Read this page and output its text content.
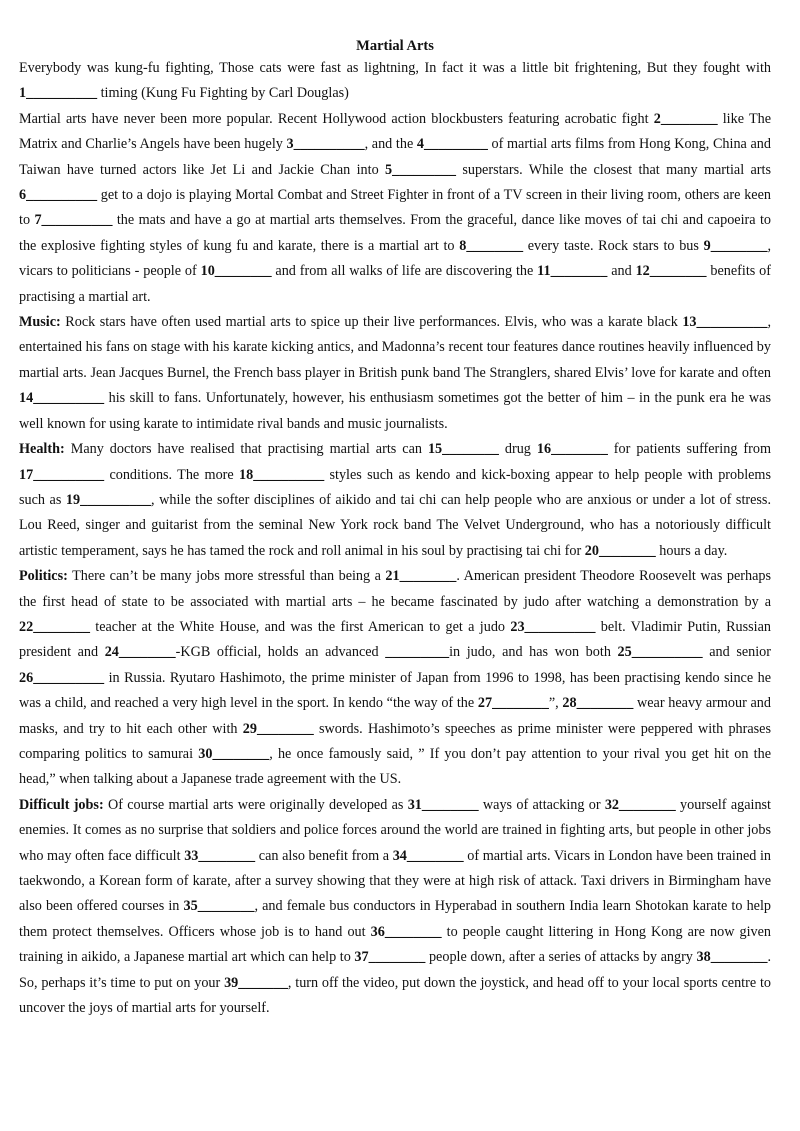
Martial Arts

Everybody was kung-fu fighting, Those cats were fast as lightning, In fact it was a little bit frightening, But they fought with 1__________ timing (Kung Fu Fighting by Carl Douglas)

Martial arts have never been more popular. Recent Hollywood action blockbusters featuring acrobatic fight 2________ like The Matrix and Charlie’s Angels have been hugely 3__________, and the 4_________ of martial arts films from Hong Kong, China and Taiwan have turned actors like Jet Li and Jackie Chan into 5_________ superstars. While the closest that many martial arts 6__________ get to a dojo is playing Mortal Combat and Street Fighter in front of a TV screen in their living room, others are keen to 7__________ the mats and have a go at martial arts themselves. From the graceful, dance like moves of tai chi and capoeira to the explosive fighting styles of kung fu and karate, there is a martial art to 8________ every taste. Rock stars to bus 9________, vicars to politicians - people of 10________ and from all walks of life are discovering the 11________ and 12________ benefits of practising a martial art.

Music: Rock stars have often used martial arts to spice up their live performances. Elvis, who was a karate black 13__________, entertained his fans on stage with his karate kicking antics, and Madonna’s recent tour features dance routines heavily influenced by martial arts. Jean Jacques Burnel, the French bass player in British punk band The Stranglers, shared Elvis’ love for karate and often 14__________ his skill to fans. Unfortunately, however, his enthusiasm sometimes got the better of him – in the punk era he was well known for using karate to intimidate rival bands and music journalists.

Health: Many doctors have realised that practising martial arts can 15________ drug 16________ for patients suffering from 17__________ conditions. The more 18__________ styles such as kendo and kick-boxing appear to help people with problems such as 19__________, while the softer disciplines of aikido and tai chi can help people who are anxious or under a lot of stress. Lou Reed, singer and guitarist from the seminal New York rock band The Velvet Underground, who has a notoriously difficult artistic temperament, says he has tamed the rock and roll animal in his soul by practising tai chi for 20________ hours a day.

Politics: There can’t be many jobs more stressful than being a 21________. American president Theodore Roosevelt was perhaps the first head of state to be associated with martial arts – he became fascinated by judo after watching a demonstration by a 22________ teacher at the White House, and was the first American to get a judo 23__________ belt. Vladimir Putin, Russian president and 24________-KGB official, holds an advanced _________in judo, and has won both 25__________ and senior 26__________ in Russia. Ryutaro Hashimoto, the prime minister of Japan from 1996 to 1998, has been practising kendo since he was a child, and reached a very high level in the sport. In kendo “the way of the 27________”, 28________ wear heavy armour and masks, and try to hit each other with 29________ swords. Hashimoto’s speeches as prime minister were peppered with phrases comparing politics to samurai 30________, he once famously said, ” If you don’t pay attention to your rival you get hit on the head,” when talking about a Japanese trade agreement with the US.

Difficult jobs: Of course martial arts were originally developed as 31________ ways of attacking or 32________ yourself against enemies. It comes as no surprise that soldiers and police forces around the world are trained in fighting arts, but people in other jobs who may often face difficult 33________ can also benefit from a 34________ of martial arts. Vicars in London have been trained in taekwondo, a Korean form of karate, after a survey showing that they were at high risk of attack. Taxi drivers in Birmingham have also been offered courses in 35________, and female bus conductors in Hyperabad in southern India learn Shotokan karate to help them protect themselves. Officers whose job is to hand out 36________ to people caught littering in Hong Kong are now given training in aikido, a Japanese martial art which can help to 37________ people down, after a series of attacks by angry 38________. So, perhaps it’s time to put on your 39_______, turn off the video, put down the joystick, and head off to your local sports centre to uncover the joys of martial arts for yourself.
